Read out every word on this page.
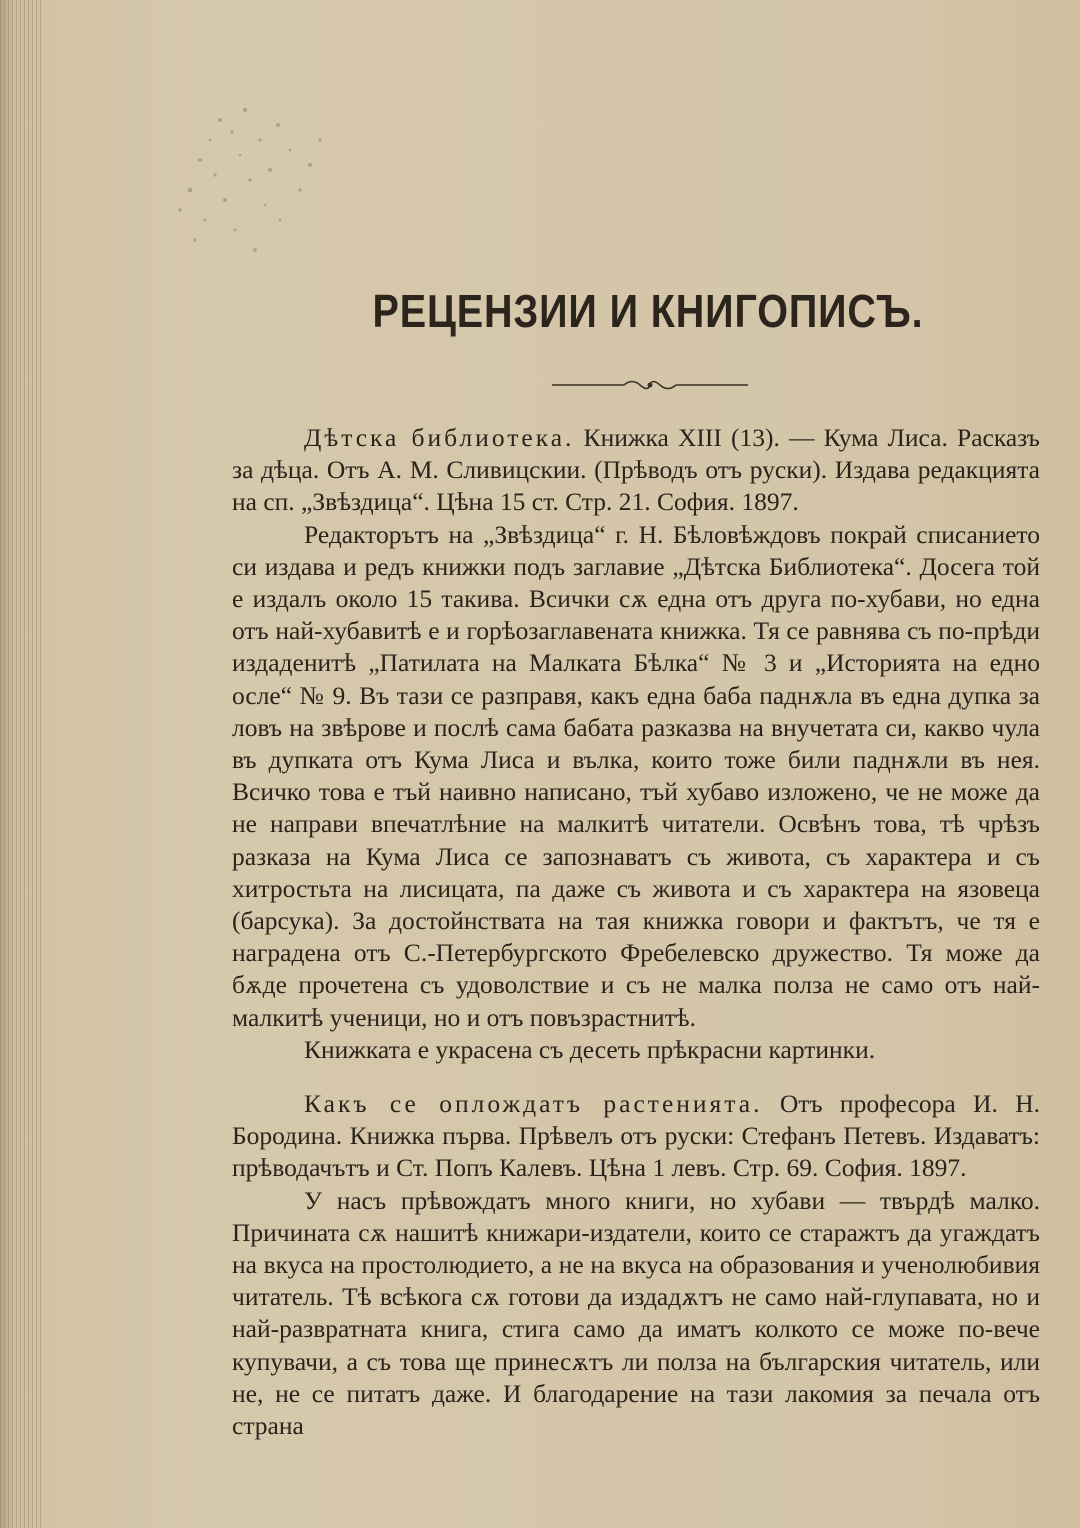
РЕЦЕНЗИИ И КНИГОПИСЪ.

Дѣтска библиотека. Книжка XIII (13). — Кума Лиса. Расказъ за дѣца. Отъ А. М. Сливицскии. (Прѣводъ отъ руски). Издава редакцията на сп. „Звѣздица“. Цѣна 15 ст. Стр. 21. София. 1897.

Редакторътъ на „Звѣздица“ г. Н. Бѣловѣждовъ покрай списанието си издава и редъ книжки подъ заглавие „Дѣтска Библиотека“. Досега той е издалъ около 15 такива. Всички сѫ една отъ друга по-хубави, но една отъ най-хубавитѣ е и горѣозаглавената книжка. Тя се равнява съ по-прѣди издаденитѣ „Патилата на Малката Бѣлка“ № 3 и „Историята на едно осле“ № 9. Въ тази се разправя, какъ една баба паднѫла въ една дупка за ловъ на звѣрове и послѣ сама бабата разказва на внучетата си, какво чула въ дупката отъ Кума Лиса и вълка, които тоже били паднѫли въ нея. Всичко това е тъй наивно написано, тъй хубаво изложено, че не може да не направи впечатлѣние на малкитѣ читатели. Освѣнъ това, тѣ чрѣзъ разказа на Кума Лиса се запознаватъ съ живота, съ характера и съ хитростьта на лисицата, па даже съ живота и съ характера на язовеца (барсука). За достойнствата на тая книжка говори и фактътъ, че тя е наградена отъ С.-Петербургското Фребелевско дружество. Тя може да бѫде прочетена съ удоволствие и съ не малка полза не само отъ най-малкитѣ ученици, но и отъ повъзрастнитѣ.

Книжката е украсена съ десеть прѣкрасни картинки.

Какъ се оплождатъ растенията. Отъ професора И. Н. Бородина. Книжка първа. Прѣвелъ отъ руски: Стефанъ Петевъ. Издаватъ: прѣводачътъ и Ст. Попъ Калевъ. Цѣна 1 левъ. Стр. 69. София. 1897.

У насъ прѣвождатъ много книги, но хубави — твърдѣ малко. Причината сѫ нашитѣ книжари-издатели, които се старажтъ да угаждатъ на вкуса на простолюдието, а не на вкуса на образования и ученолюбивия читатель. Тѣ всѣкога сѫ готови да издадѫтъ не само най-глупавата, но и най-развратната книга, стига само да иматъ колкото се може по-вече купувачи, а съ това ще принесѫтъ ли полза на българския читатель, или не, не се питатъ даже. И благодарение на тази лакомия за печала отъ страна
